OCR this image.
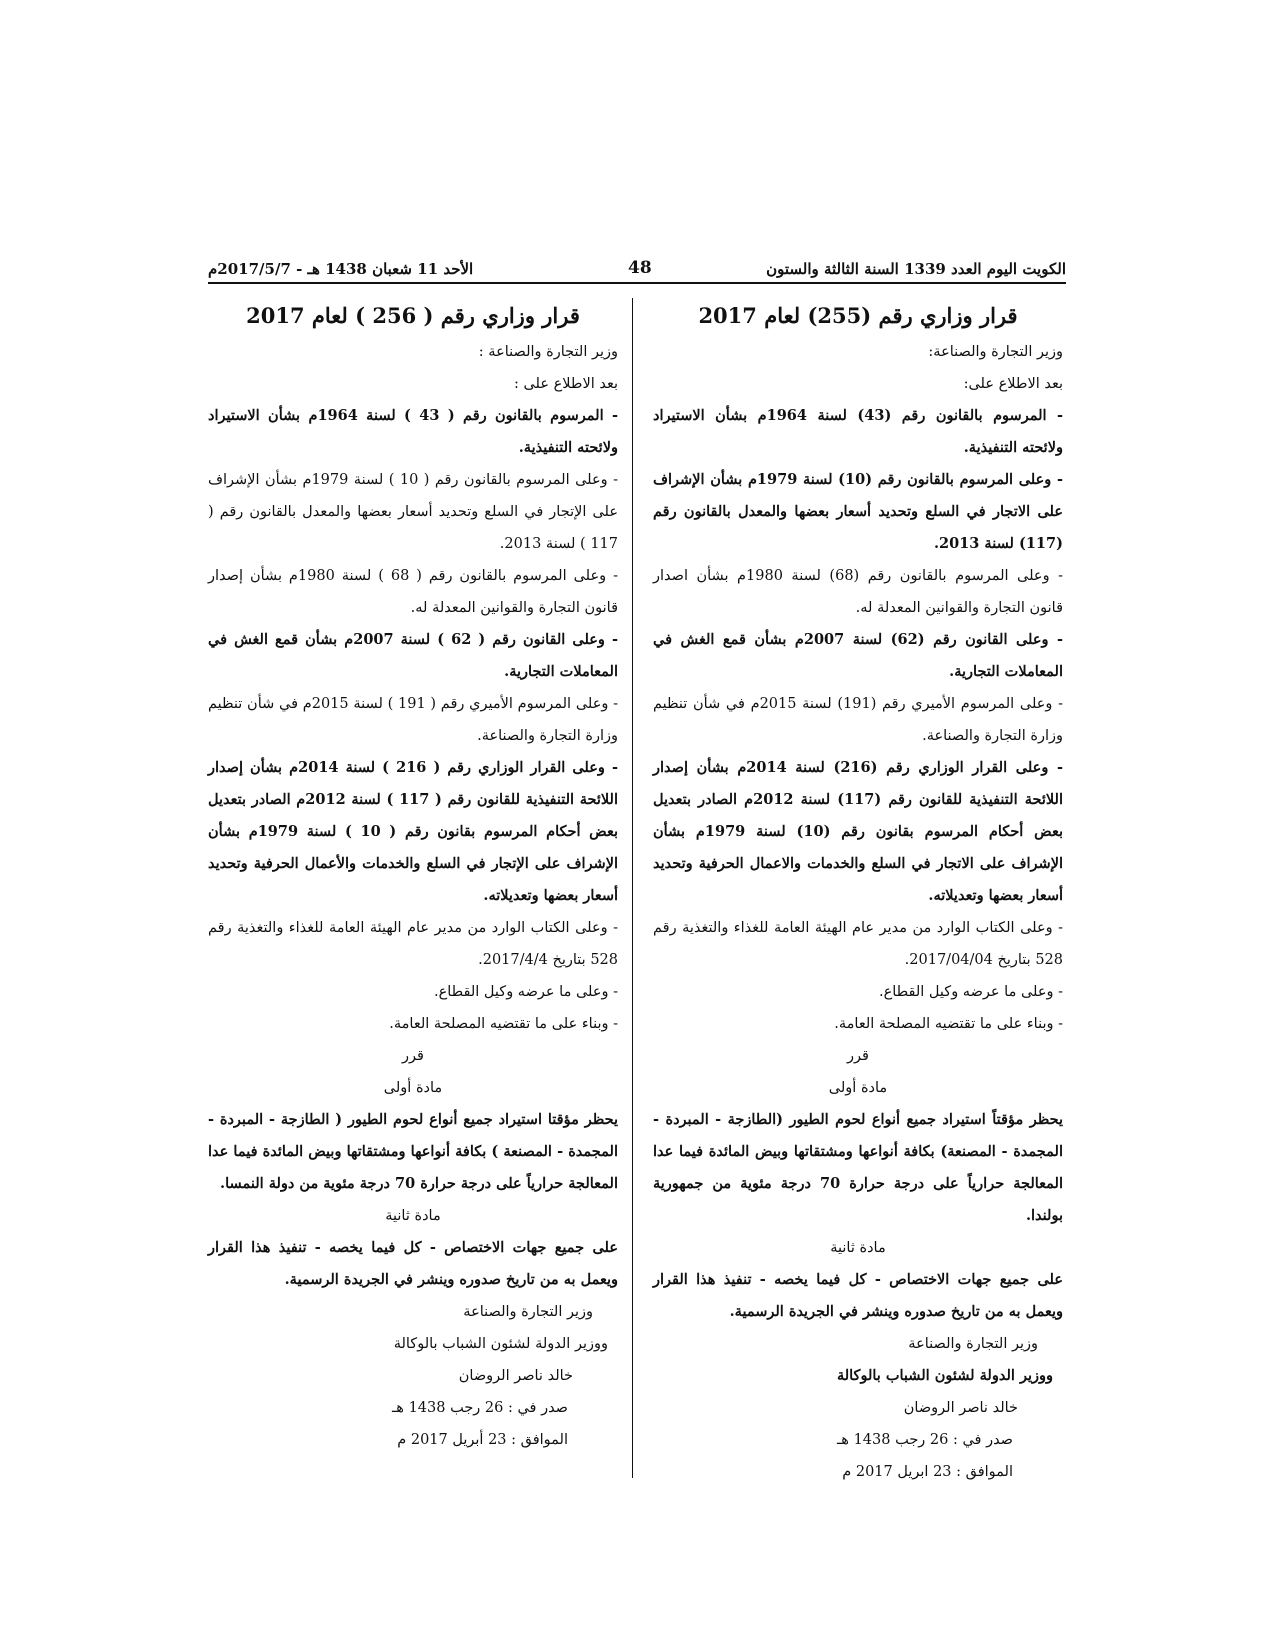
الأحد 11 شعبان 1438 هـ - 2017/5/7م	48	الكويت اليوم العدد 1339 السنة الثالثة والستون
قرار وزاري رقم (255) لعام 2017

وزير التجارة والصناعة:

بعد الاطلاع على:

- المرسوم بالقانون رقم (43) لسنة 1964م بشأن الاستيراد ولائحته التنفيذية.

- وعلى المرسوم بالقانون رقم (10) لسنة 1979م بشأن الإشراف على الاتجار في السلع وتحديد أسعار بعضها والمعدل بالقانون رقم (117) لسنة 2013.

- وعلى المرسوم بالقانون رقم (68) لسنة 1980م بشأن اصدار قانون التجارة والقوانين المعدلة له.

- وعلى القانون رقم (62) لسنة 2007م بشأن قمع الغش في المعاملات التجارية.

- وعلى المرسوم الأميري رقم (191) لسنة 2015م في شأن تنظيم وزارة التجارة والصناعة.

- وعلى القرار الوزاري رقم (216) لسنة 2014م بشأن إصدار اللائحة التنفيذية للقانون رقم (117) لسنة 2012م الصادر بتعديل بعض أحكام المرسوم بقانون رقم (10) لسنة 1979م بشأن الإشراف على الاتجار في السلع والخدمات والاعمال الحرفية وتحديد أسعار بعضها وتعديلاته.

- وعلى الكتاب الوارد من مدير عام الهيئة العامة للغذاء والتغذية رقم 528 بتاريخ 2017/04/04.

- وعلى ما عرضه وكيل القطاع.

- وبناء على ما تقتضيه المصلحة العامة.

قرر

مادة أولى

يحظر مؤقتاً استيراد جميع أنواع لحوم الطيور (الطازجة - المبردة - المجمدة - المصنعة) بكافة أنواعها ومشتقاتها وبيض المائدة فيما عدا المعالجة حرارياً على درجة حرارة 70 درجة مئوية من جمهورية بولندا.

مادة ثانية

على جميع جهات الاختصاص - كل فيما يخصه - تنفيذ هذا القرار ويعمل به من تاريخ صدوره وينشر في الجريدة الرسمية.

وزير التجارة والصناعة

ووزير الدولة لشئون الشباب بالوكالة

خالد ناصر الروضان

صدر في : 26 رجب 1438 هـ

الموافق : 23 ابريل 2017 م

قرار وزاري رقم ( 256 ) لعام 2017

وزير التجارة والصناعة :

بعد الاطلاع على :

- المرسوم بالقانون رقم ( 43 ) لسنة 1964م بشأن الاستيراد ولائحته التنفيذية.

- وعلى المرسوم بالقانون رقم ( 10 ) لسنة 1979م بشأن الإشراف على الإتجار في السلع وتحديد أسعار بعضها والمعدل بالقانون رقم ( 117 ) لسنة 2013.

- وعلى المرسوم بالقانون رقم ( 68 ) لسنة 1980م بشأن إصدار قانون التجارة والقوانين المعدلة له.

- وعلى القانون رقم ( 62 ) لسنة 2007م بشأن قمع الغش في المعاملات التجارية.

- وعلى المرسوم الأميري رقم ( 191 ) لسنة 2015م في شأن تنظيم وزارة التجارة والصناعة.

- وعلى القرار الوزاري رقم ( 216 ) لسنة 2014م بشأن إصدار اللائحة التنفيذية للقانون رقم ( 117 ) لسنة 2012م الصادر بتعديل بعض أحكام المرسوم بقانون رقم ( 10 ) لسنة 1979م بشأن الإشراف على الإتجار في السلع والخدمات والأعمال الحرفية وتحديد أسعار بعضها وتعديلاته.

- وعلى الكتاب الوارد من مدير عام الهيئة العامة للغذاء والتغذية رقم 528 بتاريخ 2017/4/4.

- وعلى ما عرضه وكيل القطاع.

- وبناء على ما تقتضيه المصلحة العامة.

قرر

مادة أولى

يحظر مؤقتا استيراد جميع أنواع لحوم الطيور ( الطازجة - المبردة - المجمدة - المصنعة ) بكافة أنواعها ومشتقاتها وبيض المائدة فيما عدا المعالجة حرارياً على درجة حرارة 70 درجة مئوية من دولة النمسا.

مادة ثانية

على جميع جهات الاختصاص - كل فيما يخصه - تنفيذ هذا القرار ويعمل به من تاريخ صدوره وينشر في الجريدة الرسمية.

وزير التجارة والصناعة

ووزير الدولة لشئون الشباب بالوكالة

خالد ناصر الروضان

صدر في : 26 رجب 1438 هـ

الموافق : 23 أبريل 2017 م
